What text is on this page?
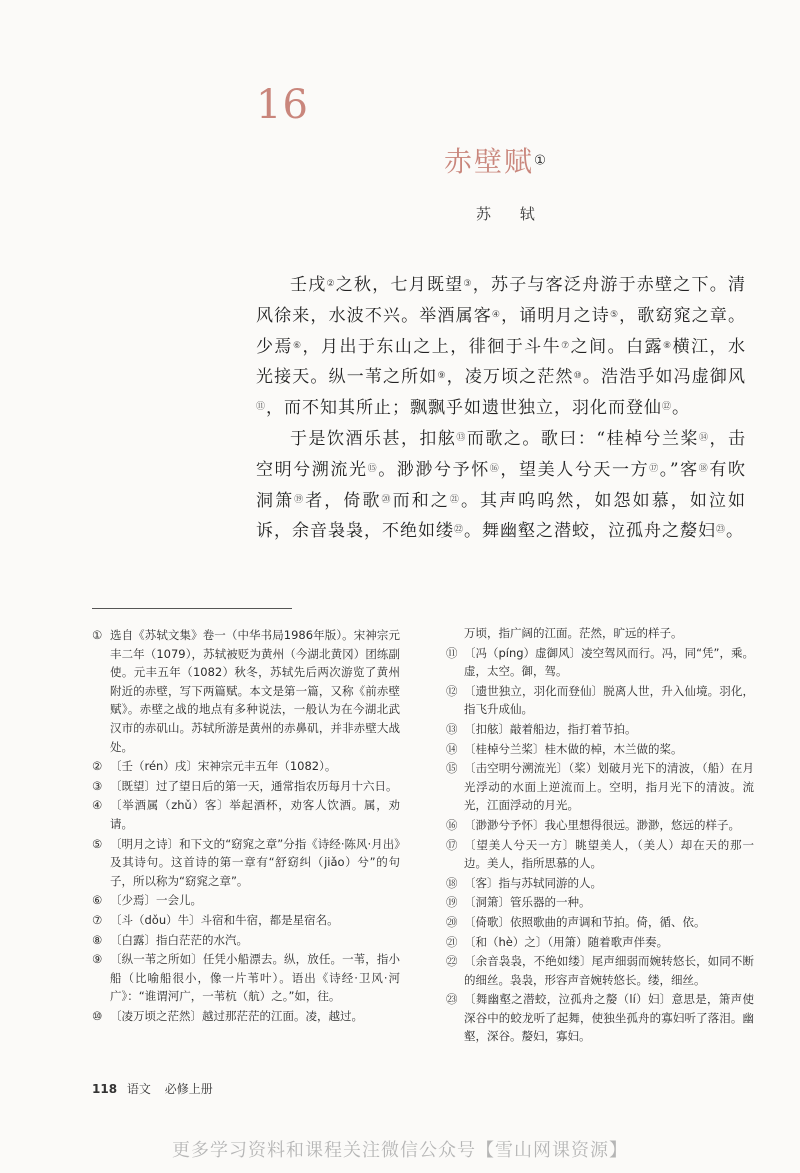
16
赤壁赋①
苏 轼

壬戌②之秋，七月既望③，苏子与客泛舟游于赤壁之下。清风徐来，水波不兴。举酒属客④，诵明月之诗⑤，歌窈窕之章。少焉⑥，月出于东山之上，徘徊于斗牛⑦之间。白露⑧横江，水光接天。纵一苇之所如⑨，凌万顷之茫然⑩。浩浩乎如冯虚御风⑪，而不知其所止；飘飘乎如遗世独立，羽化而登仙⑫。

于是饮酒乐甚，扣舷⑬而歌之。歌曰：“桂棹兮兰桨⑭，击空明兮溯流光⑮。渺渺兮予怀⑯，望美人兮天一方⑰。”客⑱有吹洞箫⑲者，倚歌⑳而和之$^㉑$。其声呜呜然，如怨如慕，如泣如诉，余音袅袅，不绝如缕$^㉒$。舞幽壑之潜蛟，泣孤舟之嫠妇$^㉓$。

① 选自《苏轼文集》卷一（中华书局1986年版）。宋神宗元丰二年（1079），苏轼被贬为黄州（今湖北黄冈）团练副使。元丰五年（1082）秋冬，苏轼先后两次游览了黄州附近的赤壁，写下两篇赋。本文是第一篇，又称《前赤壁赋》。赤壁之战的地点有多种说法，一般认为在今湖北武汉市的赤矶山。苏轼所游是黄州的赤鼻矶，并非赤壁大战处。
② 〔壬（rén）戌〕宋神宗元丰五年（1082）。
③ 〔既望〕过了望日后的第一天，通常指农历每月十六日。
④ 〔举酒属（zhǔ）客〕举起酒杯，劝客人饮酒。属，劝请。
⑤ 〔明月之诗〕和下文的“窈窕之章”分指《诗经·陈风·月出》及其诗句。这首诗的第一章有“舒窈纠（jiǎo）兮”的句子，所以称为“窈窕之章”。
⑥ 〔少焉〕一会儿。
⑦ 〔斗（dǒu）牛〕斗宿和牛宿，都是星宿名。
⑧ 〔白露〕指白茫茫的水汽。
⑨ 〔纵一苇之所如〕任凭小船漂去。纵，放任。一苇，指小船（比喻船很小，像一片苇叶）。语出《诗经·卫风·河广》：“谁谓河广，一苇杭（航）之。”如，往。
⑩ 〔凌万顷之茫然〕越过那茫茫的江面。凌，越过。
万顷，指广阔的江面。茫然，旷远的样子。
⑪ 〔冯（píng）虚御风〕凌空驾风而行。冯，同“凭”，乘。虚，太空。御，驾。
⑫ 〔遗世独立，羽化而登仙〕脱离人世，升入仙境。羽化，指飞升成仙。
⑬ 〔扣舷〕敲着船边，指打着节拍。
⑭ 〔桂棹兮兰桨〕桂木做的棹，木兰做的桨。
⑮ 〔击空明兮溯流光〕（桨）划破月光下的清波，（船）在月光浮动的水面上逆流而上。空明，指月光下的清波。流光，江面浮动的月光。
⑯ 〔渺渺兮予怀〕我心里想得很远。渺渺，悠远的样子。
⑰ 〔望美人兮天一方〕眺望美人，（美人）却在天的那一边。美人，指所思慕的人。
⑱ 〔客〕指与苏轼同游的人。
⑲ 〔洞箫〕管乐器的一种。
⑳ 〔倚歌〕依照歌曲的声调和节拍。倚，循、依。
㉑ 〔和（hè）之〕（用箫）随着歌声伴奏。
㉒ 〔余音袅袅，不绝如缕〕尾声细弱而婉转悠长，如同不断的细丝。袅袅，形容声音婉转悠长。缕，细丝。
㉓ 〔舞幽壑之潜蛟，泣孤舟之嫠（lí）妇〕意思是，箫声使深谷中的蛟龙听了起舞，使独坐孤舟的寡妇听了落泪。幽壑，深谷。嫠妇，寡妇。
118 语文 必修上册
更多学习资料和课程关注微信公众号【雪山网课资源】
